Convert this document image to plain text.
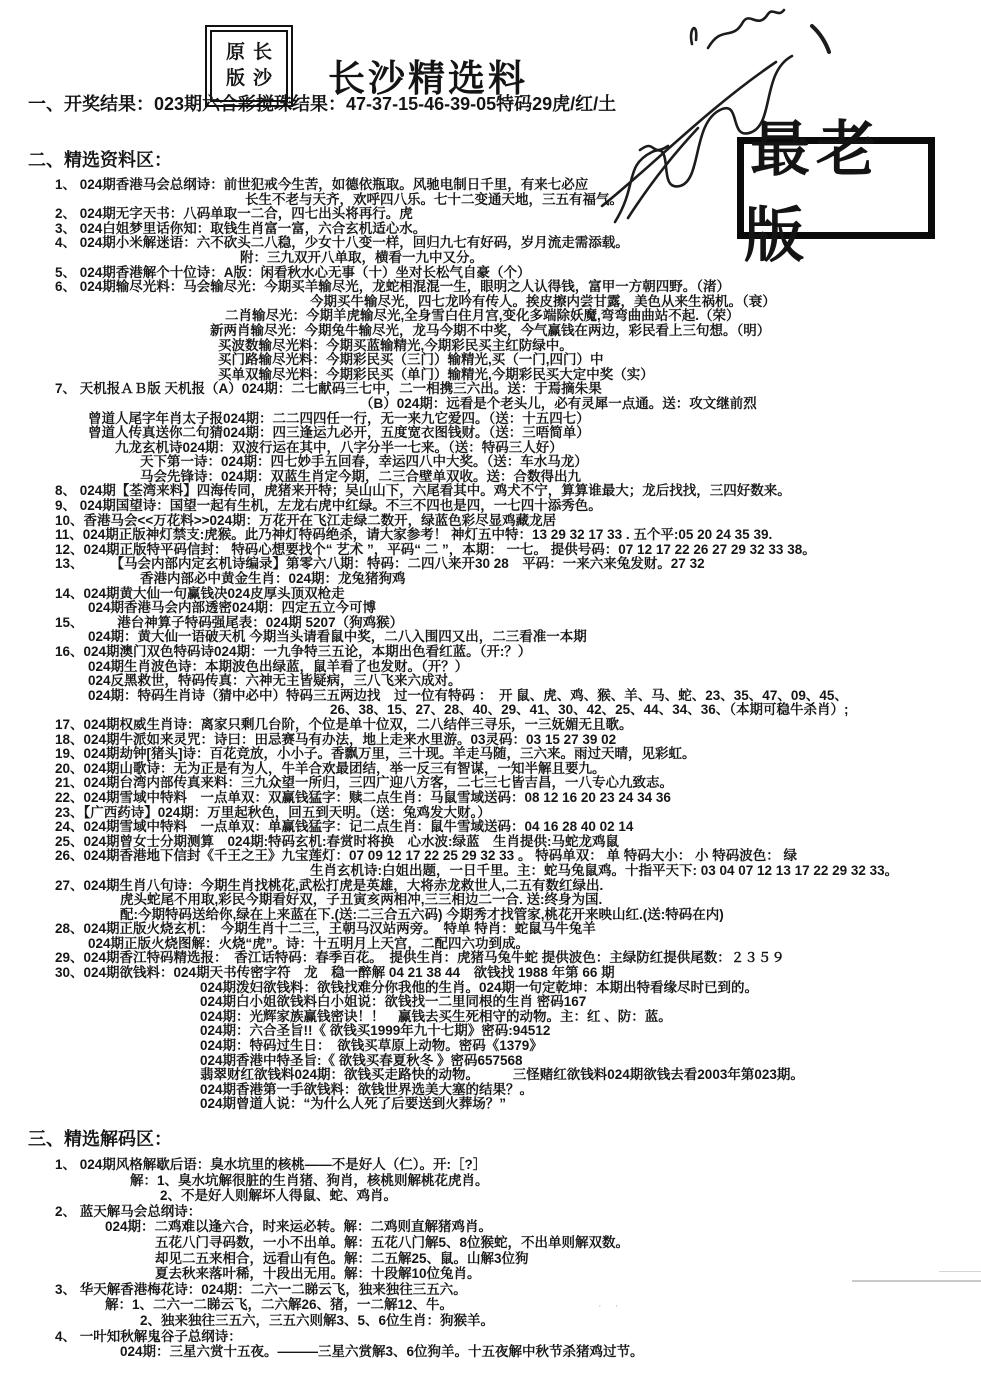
原长
版沙 长沙精选料
最老版
一、开奖结果：023期六合彩搅珠结果：47-37-15-46-39-05特码29虎/红/土
二、精选资料区：
1、 024期香港马会总纲诗：前世犯戒今生苦，如德依瓶取。风驰电制日千里，有来七必应
长生不老与天齐，欢呼四八乐。七十二变通天地，三五有福气。
2、 024期无字天书：八码单取一二合，四七出头将再行。虎
3、 024白姐梦里话你知：取钱生肖富一富，六合玄机适心水。
4、 024期小米解迷语：六不砍头二八稳，少女十八变一样，回归九七有好码，岁月流走需添载。
附：三九双开八单取，横看一九中又分。
5、 024期香港解个十位诗：A版：闲看秋水心无事（十）坐对长松气自豪（个）
6、 024期输尽光料：马会输尽光：今期买羊输尽光，龙蛇相混混一生，眼明之人认得钱，富甲一方朝四野。（渚）
今期买牛输尽光，四七龙吟有传人。挨皮擦内尝甘露，美色从来生祸机。（衰）
二肖输尽光：今期羊虎输尽光,全身雪白住月宫,变化多端除妖魔,弯弯曲曲站不起.（荣）
新两肖输尽光：今期兔牛输尽光，龙马今期不中奖，今气赢钱在两边，彩民看上三句想。（明）
买波数输尽光料：今期买蓝输精光,今期彩民买主红防绿中。
买门路输尽光料：今期彩民买（三门）输精光,买（一门,四门）中
买单双输尽光料：今期彩民买（单门）输精光,今期彩民买大定中奖（实）
7、 天机报ＡＢ版 天机报（A）024期：二七献码三七中，二一相携三六出。送：于焉摘朱果
（B）024期：远看是个老头儿，必有灵犀一点通。送：攻文继前烈
曾道人尾字年肖太子报024期：二二四四任一行，无一来九它爱四。（送：十五四七）
曾道人传真送你二句猜024期：四三逢运九必开，五度宽衣图钱财。（送：三唔简单）
九龙玄机诗024期：双波行运在其中，八字分半一七来。（送：特码三人好）
天下第一诗：024期：四七妙手五回春，幸运四八中大奖。（送：车水马龙）
马会先锋诗：024期：双蓝生肖定今期，二三合壁单双收。送：合数得出九
8、 024期【荃湾来料】四海传同，虎猪来开特；吴山山下，六尾看其中。鸡犬不宁，算算谁最大；龙后找找，三四好数来。
9、 024期国望诗：国望一起有生机，左龙右虎中红绿。不三不四也是四，一七四十添秀色。
10、香港马会<<万花料>>024期：万花开在飞江走绿二数开，绿蓝色彩尽显鸡藏龙居
11、024期正版神灯禁支:虎猴。此乃神灯特码绝杀，请大家参考！ 神灯五中特：13 29 32 17 33 . 五个平:05 20 24 35 39.
12、024期正版特平码信封： 特码心想要找个“ 艺术 ”，平码“ 二 ”，本期： 一七。 提供号码：07 12 17 22 26 27 29 32 33 38。
13、　　　【马会内部内定玄机诗编录】第零六八期：特码：二四八来开30 28　平码：一来六来兔发财。27 32
香港内部必中黄金生肖：024期：龙兔猪狗鸡
14、024期黄大仙一句赢钱决024皮厚头顶双枪走
024期香港马会内部透密024期：四定五立今可博
15、　　　港台神算子特码强尾表：024期 5207（狗鸡猴）
024期：黄大仙一语破天机 今期当头请看鼠中奖，二八入围四又出，二三看准一本期
16、024期澳门双色特码诗024期：一九争特三五论，本期出色看红蓝。（开:？）
024期生肖波色诗：本期波色出绿蓝，鼠羊看了也发财。（开？）
024反黑救世，特码传真：六神无主皆疑病，三八飞来六成对。
024期：特码生肖诗（猜中必中）特码三五两边找　过一位有特码 ：　开 鼠、虎、鸡、猴、羊、马、蛇、23、35、47、09、45、
26、38、15、27、28、40、29、41、30、42、25、44、34、36、（本期可稳牛杀肖）;
17、024期权威生肖诗：离家只剩几台阶，个位是单十位双，二八结伴三寻乐，一三妩媚无且歌。
18、024期牛派如来灵咒：诗曰：田忌赛马有办法，地上走来水里游。03灵码：03 15 27 39 02
19、024期劫钟[猪头]诗：百花竞放，小小子。香飘万里，三十现。羊走马随，三六来。雨过天晴，见彩虹。
20、024期山歌诗：无为正是有为人，牛羊合欢最团结，举一反三有智谋，一知半解且要九。
21、024期台湾内部传真来料：三九众望一所归，三四广迎八方客，二七三七皆吉昌，一八专心九致志。
22、024期雪域中特料　一点单双：双赢钱猛字：赎二点生肖：马鼠雪域送码：08 12 16 20 23 24 34 36
23、【广西药诗】024期：万里起秋色，回五到天明。（送：兔鸡发大财。）
24、024期雪域中特料　一点单双：单赢钱猛字：记二点生肖：鼠牛雪域送码：04 16 28 40 02 14
25、024期曾女士分期测算　024期:特码玄机:春赏时将换　心水波:绿蓝　生肖提供:马蛇龙鸡鼠
26、024期香港地下信封《千王之王》九宝莲灯：07 09 12 17 22 25 29 32 33 。 特码单双： 单 特码大小： 小 特码波色： 绿
生肖玄机诗:白姐出题，一日千里。主：蛇马兔鼠鸡。十指平天下: 03 04 07 12 13 17 22 29 32 33。
27、024期生肖八句诗：今期生肖找桃花,武松打虎是英雄，大将赤龙救世人,二五有数红绿出.
虎头蛇尾不用取,彩民今期看好双，子丑寅亥两相冲,三三相边二一合. 送:终身为国.
配:今期特码送给你,绿在上来蓝在下.(送:二三合五六码) 今期秀才找管家,桃花开来映山红.(送:特码在内)
28、024期正版火烧玄机：　今期生肖十二三，王朝马汉站两旁。　特单 特肖：蛇鼠马牛兔羊
024期正版火烧图解：火烧“虎”。诗：十五明月上天宫，二配四六功到成。
29、024期香江特码精选报：　香江话特码：春季百花。　提供生肖：虎猪马兔牛蛇 提供波色：主绿防红提供尾数：２３５９
30、024期欲钱料：024期天书传密字符　龙　稳一醉解 04 21 38 44　欲钱找 1988 年第 66 期
024期泼妇欲钱料：欲钱找难分你我他的生肖。024期一句定乾坤：本期出特看缘尽时已到的。
024期白小姐欲钱料白小姐说：欲钱找一二里同根的生肖 密码167
024期：光辉家族赢钱密诀！！　赢钱去买生死相守的动物。主：红 、防：蓝。
024期：六合圣旨!!《 欲钱买1999年九十七期》密码:94512
024期：特码过生日：　欲钱买草原上动物。密码《1379》
024期香港中特圣旨:《 欲钱买春夏秋冬 》密码657568
翡翠财红欲钱料024期：欲钱买走路快的动物。　　　三怪赌红欲钱料024期欲钱去看2003年第023期。
024期香港第一手欲钱料：欲钱世界选美大塞的结果？。
024期曾道人说：“为什么人死了后要送到火葬场？”
三、精选解码区：
1、 024期风格解歇后语：臭水坑里的核桃——不是好人（仁）。开:［?］
解：1、臭水坑解很脏的生肖猪、狗肖，核桃则解桃花虎肖。
2、不是好人则解坏人得鼠、蛇、鸡肖。
2、 蓝天解马会总纲诗：
024期：二鸡难以逢六合，时来运必转。解：二鸡则直解猪鸡肖。
五花八门寻码数，一小不出单。解：五花八门解5、8位猴蛇，不出单则解双数。
却见二五来相合，远看山有色。解：二五解25、鼠。山解3位狗
夏去秋来落叶稀，十段出无用。解：十段解10位兔肖。
3、 华天解香港梅花诗：024期：二六一二睇云飞，独来独往三五六。
解：1、二六一二睇云飞，二六解26、猪，一二解12、牛。
2、独来独往三五六，三五六则解3、5、6位生肖：狗猴羊。
4、 一叶知秋解鬼谷子总纲诗：
024期：三星六赏十五夜。———三星六赏解3、6位狗羊。十五夜解中秋节杀猪鸡过节。
· ·
